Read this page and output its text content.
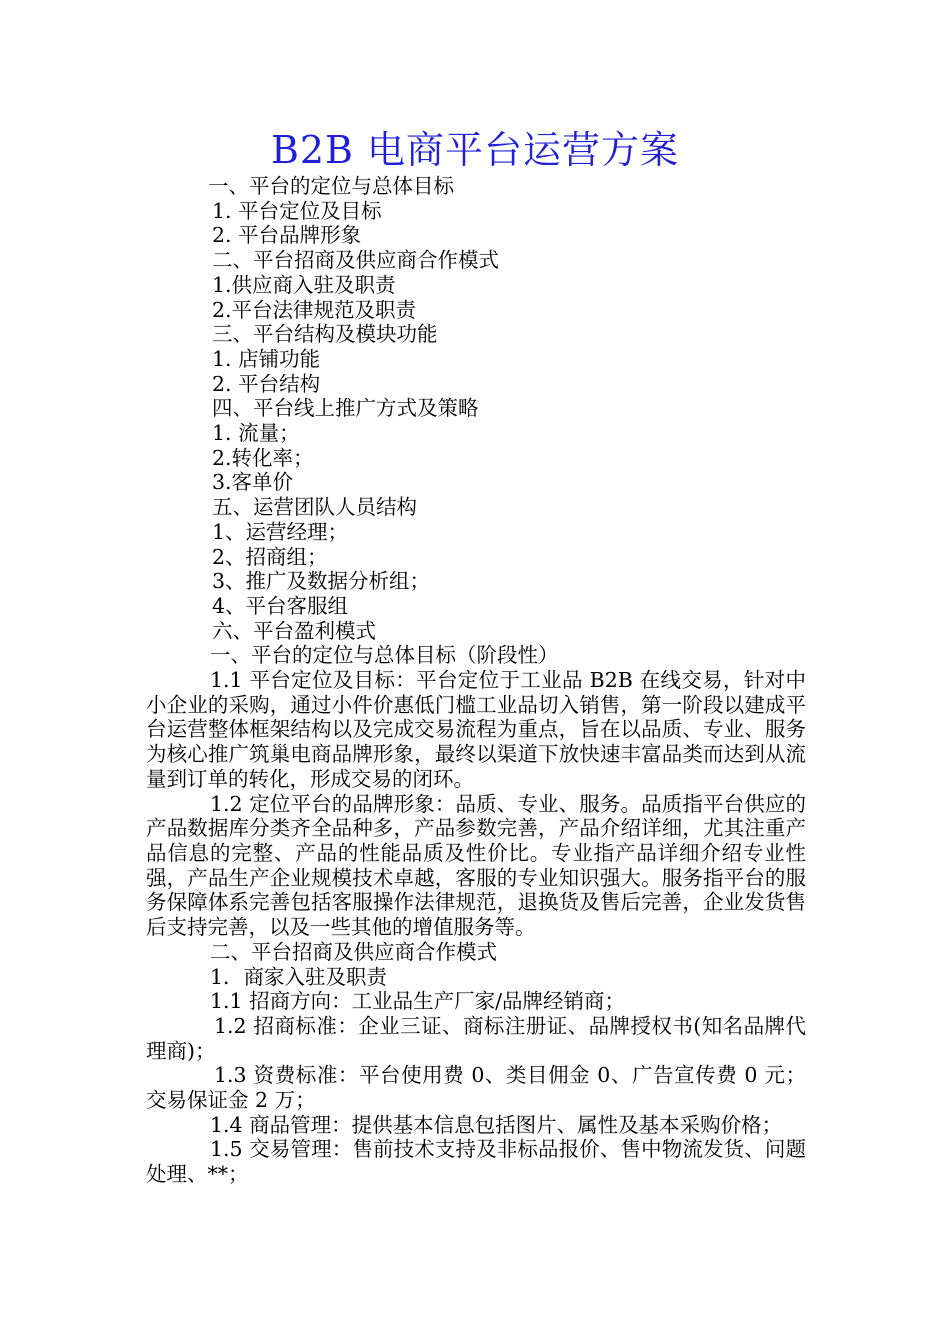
B2B 电商平台运营方案

一、平台的定位与总体目标

1. 平台定位及目标

2. 平台品牌形象

二、平台招商及供应商合作模式

1.供应商入驻及职责

2.平台法律规范及职责

三、平台结构及模块功能

1. 店铺功能

2. 平台结构

四、平台线上推广方式及策略

1. 流量；

2.转化率；

3.客单价

五、运营团队人员结构

1、运营经理；

2、招商组；

3、推广及数据分析组；

4、平台客服组

六、平台盈利模式

一、平台的定位与总体目标（阶段性）

1.1 平台定位及目标：平台定位于工业品 B2B 在线交易，针对中小企业的采购，通过小件价惠低门槛工业品切入销售，第一阶段以建成平台运营整体框架结构以及完成交易流程为重点，旨在以品质、专业、服务为核心推广筑巢电商品牌形象，最终以渠道下放快速丰富品类而达到从流量到订单的转化，形成交易的闭环。

1.2 定位平台的品牌形象：品质、专业、服务。品质指平台供应的产品数据库分类齐全品种多，产品参数完善，产品介绍详细，尤其注重产品信息的完整、产品的性能品质及性价比。专业指产品详细介绍专业性强，产品生产企业规模技术卓越，客服的专业知识强大。服务指平台的服务保障体系完善包括客服操作法律规范，退换货及售后完善，企业发货售后支持完善，以及一些其他的增值服务等。

二、平台招商及供应商合作模式

1．商家入驻及职责

1.1 招商方向：工业品生产厂家/品牌经销商；

1.2 招商标准：企业三证、商标注册证、品牌授权书(知名品牌代理商)；

1.3 资费标准：平台使用费 0、类目佣金 0、广告宣传费 0 元；交易保证金 2 万；

1.4 商品管理：提供基本信息包括图片、属性及基本采购价格；

1.5 交易管理：售前技术支持及非标品报价、售中物流发货、问题处理、**；
